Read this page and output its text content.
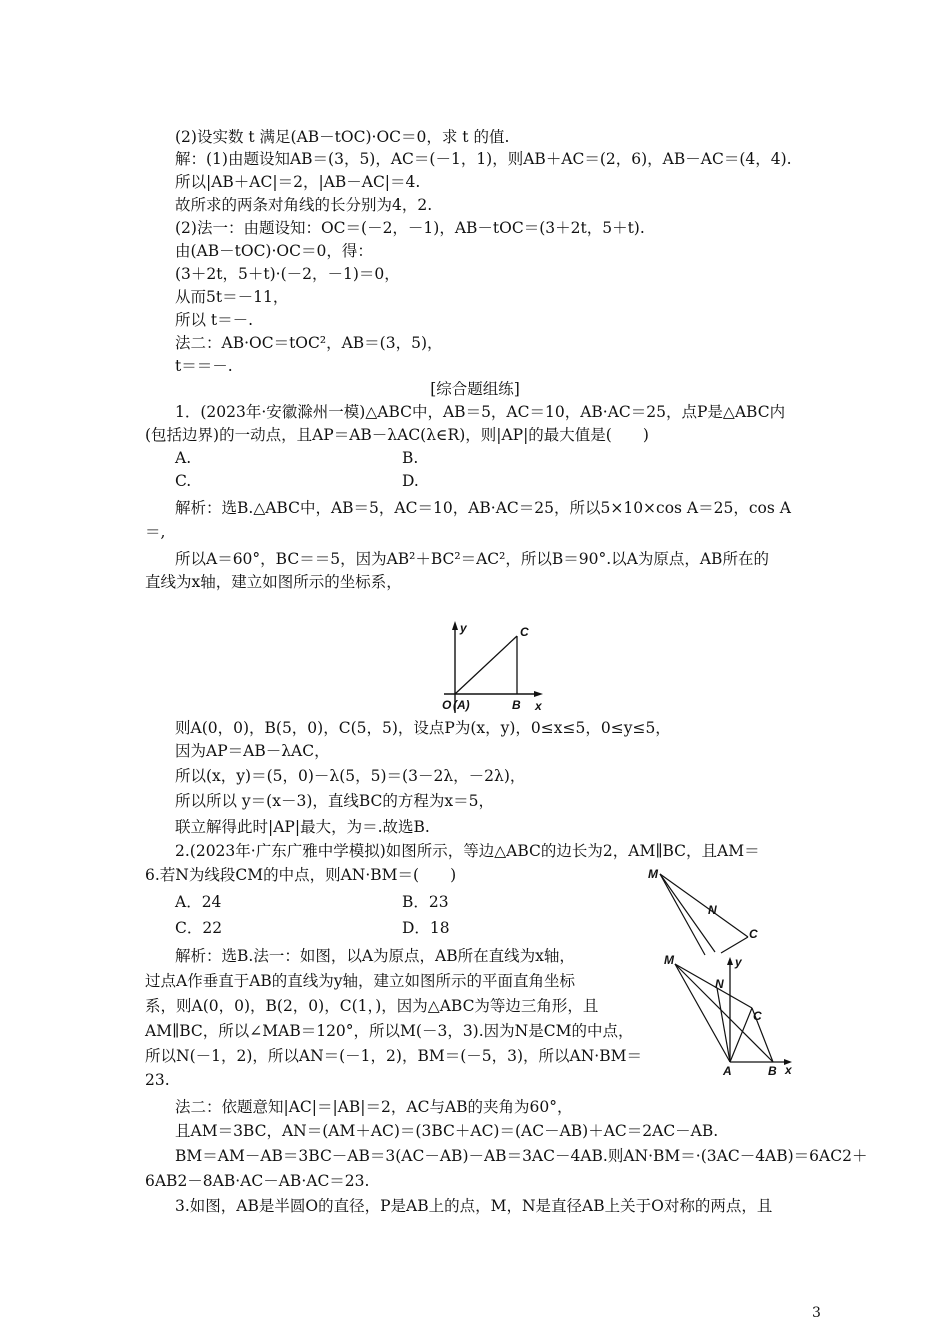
(2)设实数 t 满足(AB－tOC)·OC＝0，求 t 的值.
解：(1)由题设知AB＝(3，5)，AC＝(－1，1)，则AB＋AC＝(2，6)，AB－AC＝(4，4).
所以|AB＋AC|＝2，|AB－AC|＝4.
故所求的两条对角线的长分别为4，2.
(2)法一：由题设知：OC＝(－2，－1)，AB－tOC＝(3＋2t，5＋t).
由(AB－tOC)·OC＝0，得：
(3＋2t，5＋t)·(－2，－1)＝0，
从而5t＝－11，
所以 t＝－.
法二：AB·OC＝tOC²，AB＝(3，5)，
t＝＝－.
[综合题组练]
1．(2023年·安徽滁州一模)△ABC中，AB＝5，AC＝10，AB·AC＝25，点P是△ABC内
(包括边界)的一动点，且AP＝AB－λAC(λ∈R)，则|AP|的最大值是(　　)
A.	B.
C.	D.
解析：选B.△ABC中，AB＝5，AC＝10，AB·AC＝25，所以5×10×cos A＝25，cos A
＝,
所以A＝60°，BC＝＝5，因为AB²＋BC²＝AC²，所以B＝90°.以A为原点，AB所在的
直线为x轴，建立如图所示的坐标系，
y	C
O (A)	B x
则A(0，0)，B(5，0)，C(5，5)，设点P为(x，y)，0≤x≤5，0≤y≤5，
因为AP＝AB－λAC，
所以(x，y)＝(5，0)－λ(5，5)＝(3－2λ，－2λ)，
所以所以 y＝(x－3)，直线BC的方程为x＝5，
联立解得此时|AP|最大，为＝.故选B.
2.(2023年·广东广雅中学模拟)如图所示，等边△ABC的边长为2，AM∥BC，且AM＝
6.若N为线段CM的中点，则AN·BM＝(　　)
A．24	B．23
C．22	D．18
M
N
C
解析：选B.法一：如图，以A为原点，AB所在直线为x轴，
过点A作垂直于AB的直线为y轴，建立如图所示的平面直角坐标
系，则A(0，0)，B(2，0)，C(1，)，因为△ABC为等边三角形，且
AM∥BC，所以∠MAB＝120°，所以M(－3，3).因为N是CM的中点，
所以N(－1，2)，所以AN＝(－1，2)，BM＝(－5，3)，所以AN·BM＝
23.
M	y
N
C
A	B x
法二：依题意知|AC|＝|AB|＝2，AC与AB的夹角为60°，
且AM＝3BC，AN＝(AM＋AC)＝(3BC＋AC)＝(AC－AB)＋AC＝2AC－AB.
BM＝AM－AB＝3BC－AB＝3(AC－AB)－AB＝3AC－4AB.则AN·BM＝·(3AC－4AB)＝6AC2＋
6AB2－8AB·AC－AB·AC＝23.
3.如图，AB是半圆O的直径，P是AB上的点，M，N是直径AB上关于O对称的两点，且
3
